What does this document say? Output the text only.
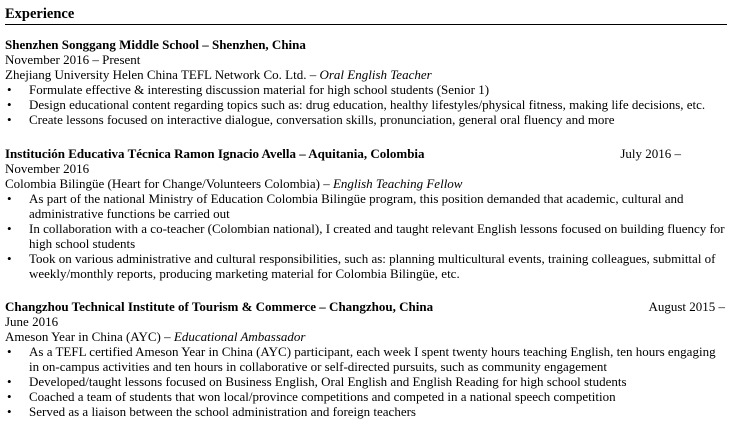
Experience
Shenzhen Songgang Middle School – Shenzhen, China
November 2016 – Present
Zhejiang University Helen China TEFL Network Co. Ltd. – Oral English Teacher
• Formulate effective & interesting discussion material for high school students (Senior 1)
• Design educational content regarding topics such as: drug education, healthy lifestyles/physical fitness, making life decisions, etc.
• Create lessons focused on interactive dialogue, conversation skills, pronunciation, general oral fluency and more
Institución Educativa Técnica Ramon Ignacio Avella – Aquitania, Colombia	July 2016 –
November 2016
Colombia Bilingüe (Heart for Change/Volunteers Colombia) – English Teaching Fellow
• As part of the national Ministry of Education Colombia Bilingüe program, this position demanded that academic, cultural and administrative functions be carried out
• In collaboration with a co-teacher (Colombian national), I created and taught relevant English lessons focused on building fluency for high school students
• Took on various administrative and cultural responsibilities, such as: planning multicultural events, training colleagues, submittal of weekly/monthly reports, producing marketing material for Colombia Bilingüe, etc.
Changzhou Technical Institute of Tourism & Commerce – Changzhou, China	August 2015 –
June 2016
Ameson Year in China (AYC) – Educational Ambassador
• As a TEFL certified Ameson Year in China (AYC) participant, each week I spent twenty hours teaching English, ten hours engaging in on-campus activities and ten hours in collaborative or self-directed pursuits, such as community engagement
• Developed/taught lessons focused on Business English, Oral English and English Reading for high school students
• Coached a team of students that won local/province competitions and competed in a national speech competition
• Served as a liaison between the school administration and foreign teachers
